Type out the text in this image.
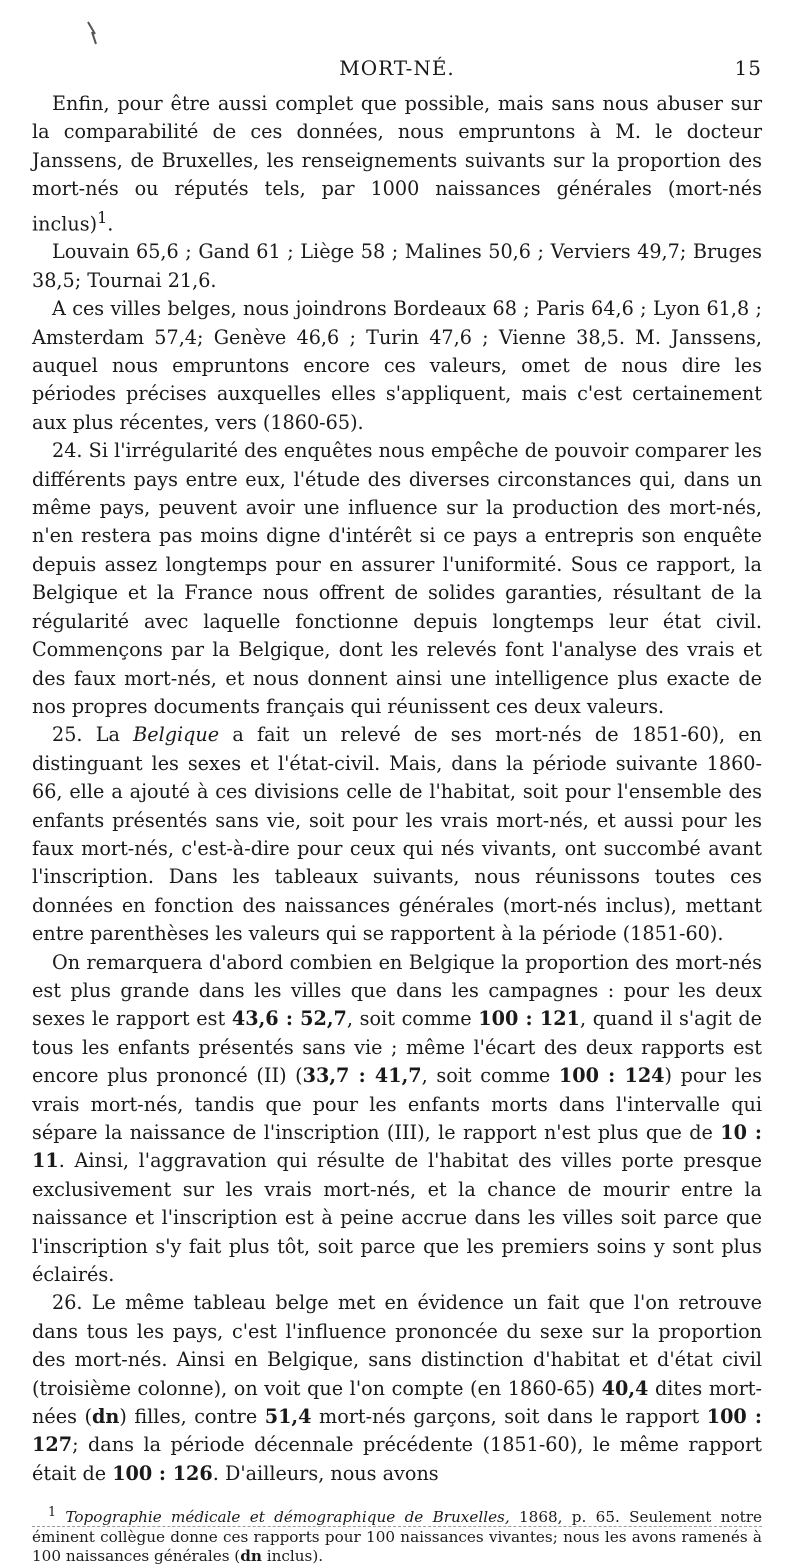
MORT-NÉ.	15

Enfin, pour être aussi complet que possible, mais sans nous abuser sur la comparabilité de ces données, nous empruntons à M. le docteur Janssens, de Bruxelles, les renseignements suivants sur la proportion des mort-nés ou réputés tels, par 1000 naissances générales (mort-nés inclus)$^1$.

Louvain 65,6 ; Gand 61 ; Liège 58 ; Malines 50,6 ; Verviers 49,7; Bruges 38,5; Tournai 21,6.

A ces villes belges, nous joindrons Bordeaux 68 ; Paris 64,6 ; Lyon 61,8 ; Amsterdam 57,4; Genève 46,6 ; Turin 47,6 ; Vienne 38,5. M. Janssens, auquel nous empruntons encore ces valeurs, omet de nous dire les périodes précises auxquelles elles s'appliquent, mais c'est certainement aux plus récentes, vers (1860-65).

24. Si l'irrégularité des enquêtes nous empêche de pouvoir comparer les différents pays entre eux, l'étude des diverses circonstances qui, dans un même pays, peuvent avoir une influence sur la production des mort-nés, n'en restera pas moins digne d'intérêt si ce pays a entrepris son enquête depuis assez longtemps pour en assurer l'uniformité. Sous ce rapport, la Belgique et la France nous offrent de solides garanties, résultant de la régularité avec laquelle fonctionne depuis longtemps leur état civil. Commençons par la Belgique, dont les relevés font l'analyse des vrais et des faux mort-nés, et nous donnent ainsi une intelligence plus exacte de nos propres documents français qui réunissent ces deux valeurs.

25. La Belgique a fait un relevé de ses mort-nés de 1851-60), en distinguant les sexes et l'état-civil. Mais, dans la période suivante 1860-66, elle a ajouté à ces divisions celle de l'habitat, soit pour l'ensemble des enfants présentés sans vie, soit pour les vrais mort-nés, et aussi pour les faux mort-nés, c'est-à-dire pour ceux qui nés vivants, ont succombé avant l'inscription. Dans les tableaux suivants, nous réunissons toutes ces données en fonction des naissances générales (mort-nés inclus), mettant entre parenthèses les valeurs qui se rapportent à la période (1851-60).

On remarquera d'abord combien en Belgique la proportion des mort-nés est plus grande dans les villes que dans les campagnes : pour les deux sexes le rapport est 43,6 : 52,7, soit comme 100 : 121, quand il s'agit de tous les enfants présentés sans vie ; même l'écart des deux rapports est encore plus prononcé (II) (33,7 : 41,7, soit comme 100 : 124) pour les vrais mort-nés, tandis que pour les enfants morts dans l'intervalle qui sépare la naissance de l'inscription (III), le rapport n'est plus que de 10 : 11. Ainsi, l'aggravation qui résulte de l'habitat des villes porte presque exclusivement sur les vrais mort-nés, et la chance de mourir entre la naissance et l'inscription est à peine accrue dans les villes soit parce que l'inscription s'y fait plus tôt, soit parce que les premiers soins y sont plus éclairés.

26. Le même tableau belge met en évidence un fait que l'on retrouve dans tous les pays, c'est l'influence prononcée du sexe sur la proportion des mort-nés. Ainsi en Belgique, sans distinction d'habitat et d'état civil (troisième colonne), on voit que l'on compte (en 1860-65) 40,4 dites mort-nées (dn) filles, contre 51,4 mort-nés garçons, soit dans le rapport 100 : 127; dans la période décennale précédente (1851-60), le même rapport était de 100 : 126. D'ailleurs, nous avons

$^1$ Topographie médicale et démographique de Bruxelles, 1868, p. 65. Seulement notre éminent collègue donne ces rapports pour 100 naissances vivantes; nous les avons ramenés à 100 naissances générales (dn inclus).
